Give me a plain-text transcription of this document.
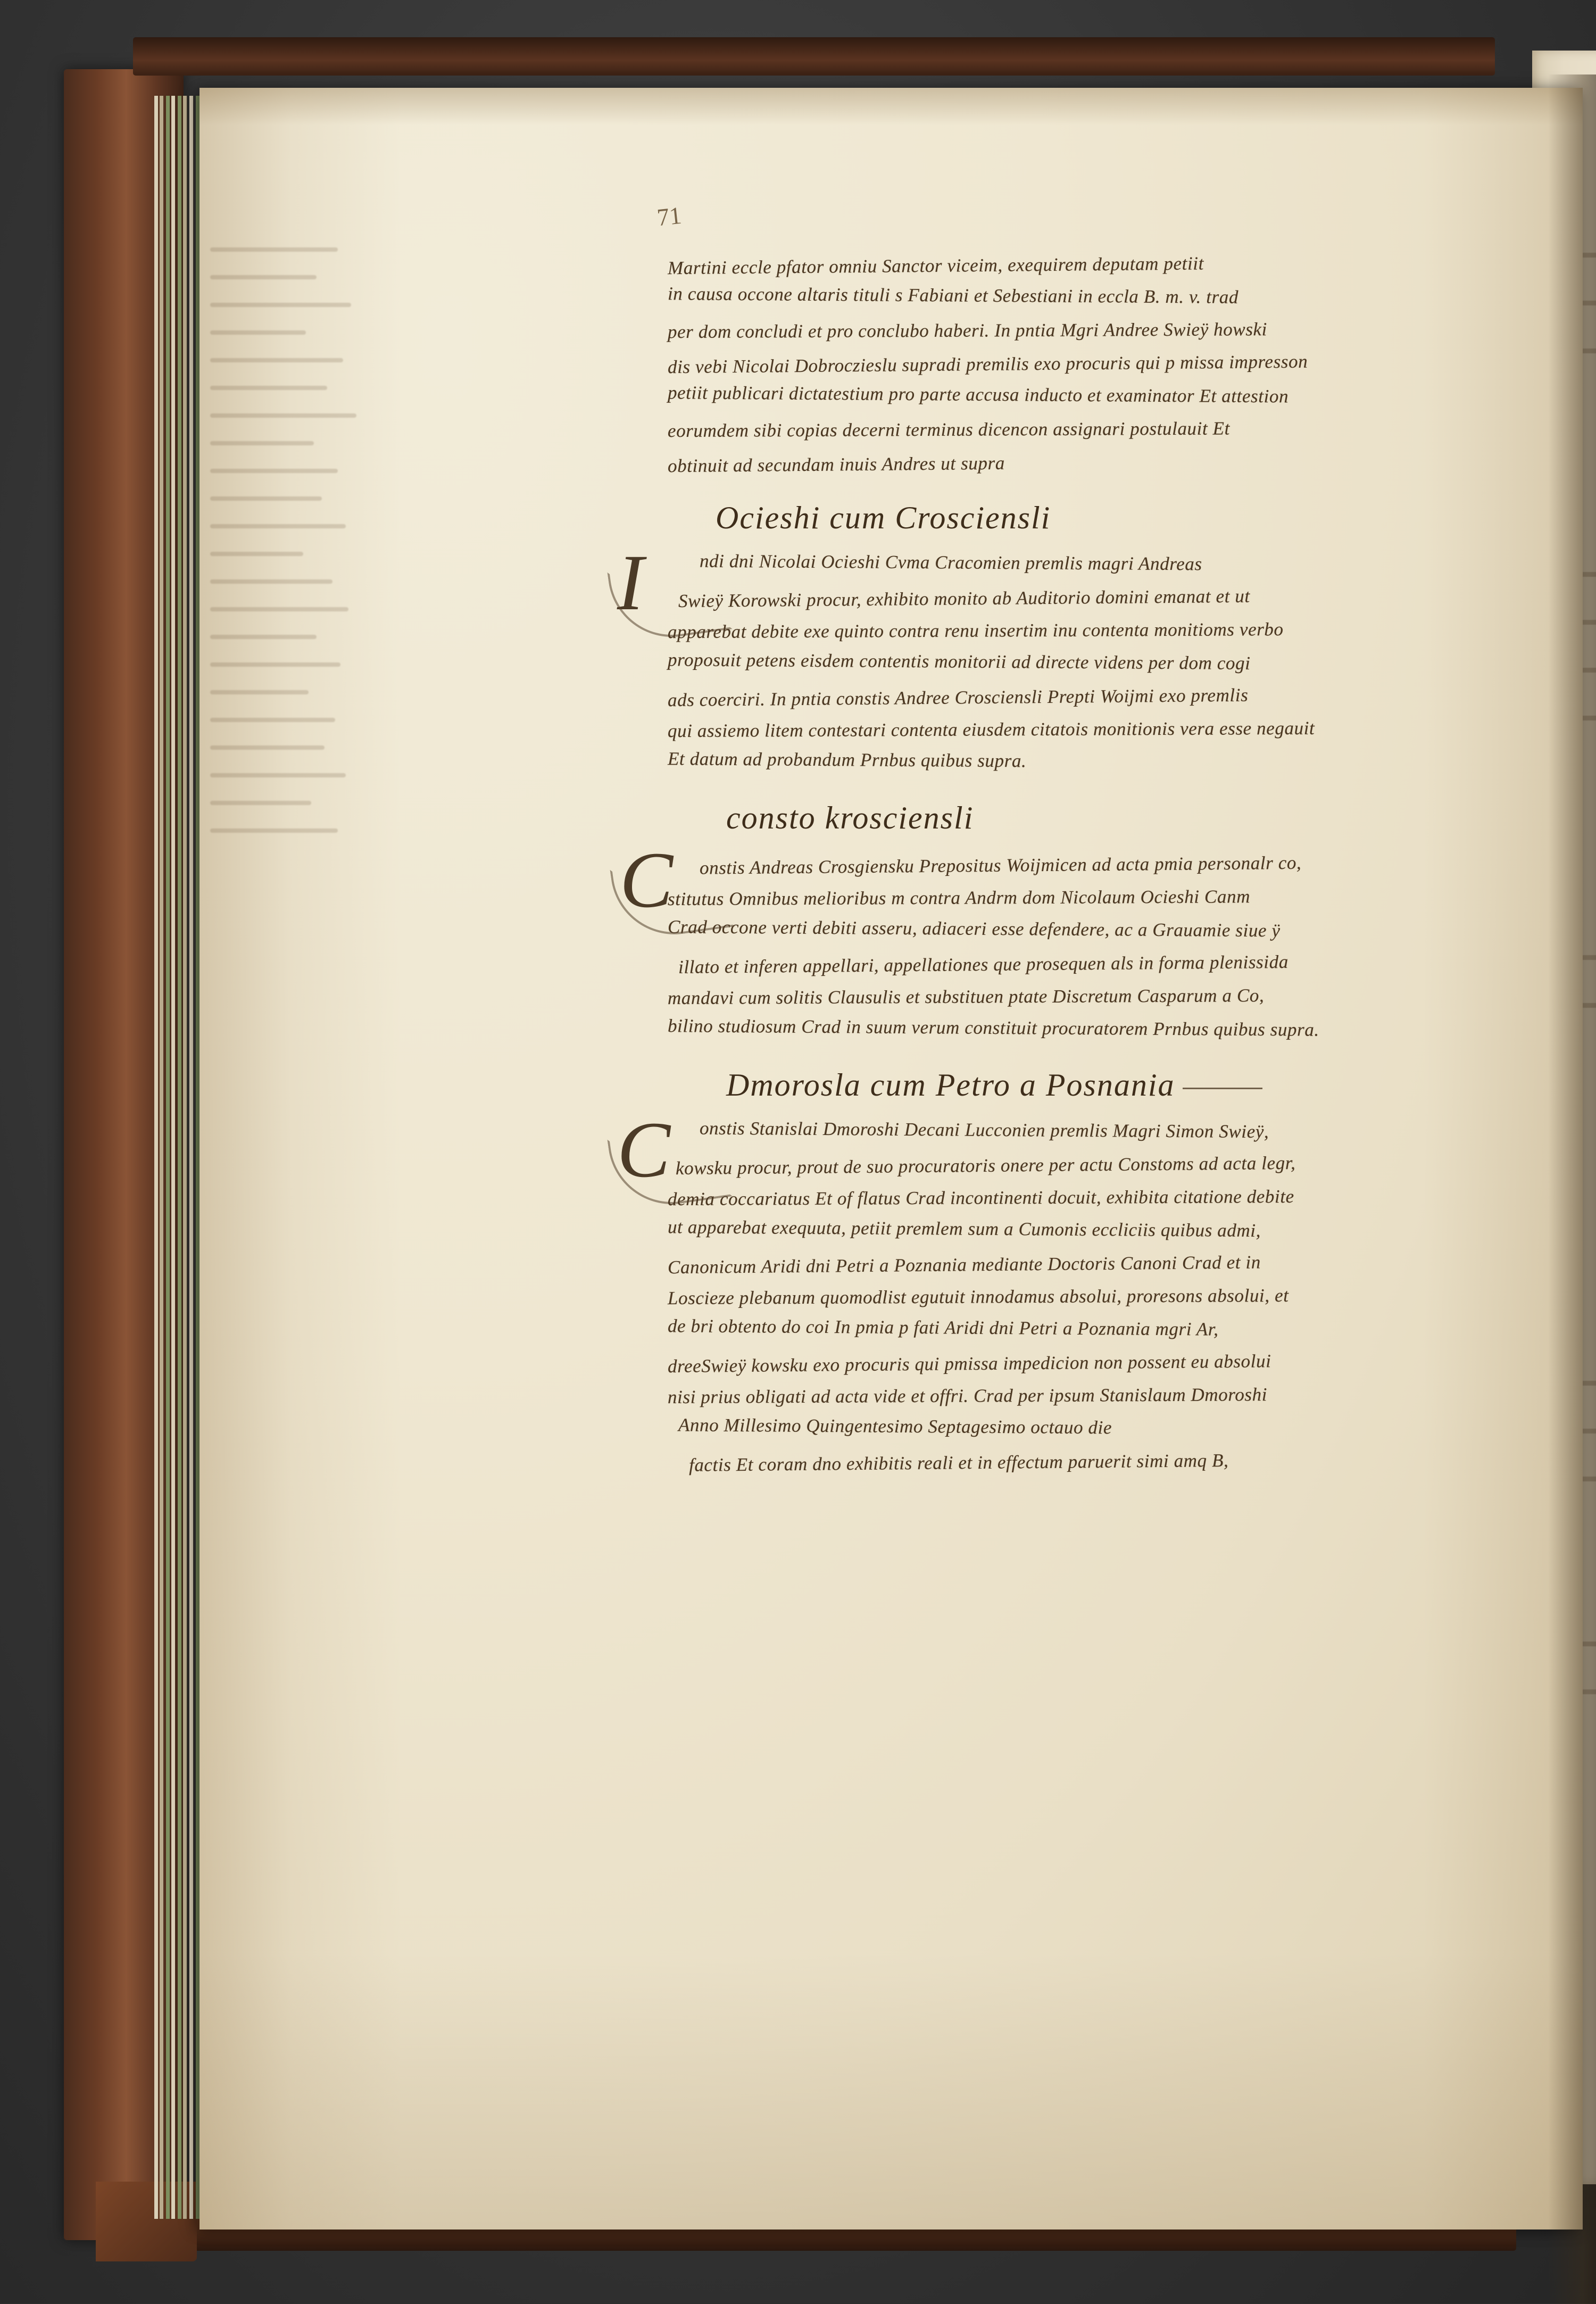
71
Martini eccle pfator omniu Sanctor viceim, exequirem deputam petiit
in causa occone altaris tituli s Fabiani et Sebestiani in eccla B. m. v. trad
per dom concludi et pro conclubo haberi. In pntia Mgri Andree Swieÿ howski
dis vebi Nicolai Dobroczieslu supradi premilis exo procuris qui p missa impresson
petiit publicari dictatestium pro parte accusa inducto et examinator Et attestion
eorumdem sibi copias decerni terminus dicencon assignari postulauit Et
obtinuit ad secundam inuis Andres ut supra
Ocieshi cum Crosciensli
I	ndi dni Nicolai Ocieshi Cvma Cracomien premlis magri Andreas
Swieÿ Korowski procur, exhibito monito ab Auditorio domini emanat et ut
apparebat debite exe quinto contra renu insertim inu contenta monitioms verbo
proposuit petens eisdem contentis monitorii ad directe videns per dom cogi
ads coerciri. In pntia constis Andree Crosciensli Prepti Woijmi exo premlis
qui assiemo litem contestari contenta eiusdem citatois monitionis vera esse negauit
Et datum ad probandum Prnbus quibus supra.
consto krosciensli
C	onstis Andreas Crosgiensku Prepositus Woijmicen ad acta pmia personalr co,
stitutus Omnibus melioribus m contra Andrm dom Nicolaum Ocieshi Canm
Crad occone verti debiti asseru, adiaceri esse defendere, ac a Grauamie siue ÿ
illato et inferen appellari, appellationes que prosequen als in forma plenissida
mandavi cum solitis Clausulis et substituen ptate Discretum Casparum a Co,
bilino studiosum Crad in suum verum constituit procuratorem Prnbus quibus supra.
Dmorosla cum Petro a Posnania
C	onstis Stanislai Dmoroshi Decani Lucconien premlis Magri Simon Swieÿ,
kowsku procur, prout de suo procuratoris onere per actu Constoms ad acta legr,
demia coccariatus Et of flatus Crad incontinenti docuit, exhibita citatione debite
ut apparebat exequuta, petiit premlem sum a Cumonis eccliciis quibus admi,
Canonicum Aridi dni Petri a Poznania mediante Doctoris Canoni Crad et in
Loscieze plebanum quomodlist egutuit innodamus absolui, proresons absolui, et
de bri obtento do coi In pmia p fati Aridi dni Petri a Poznania mgri Ar,
dreeSwieÿ kowsku exo procuris qui pmissa impedicion non possent eu absolui
nisi prius obligati ad acta vide et offri. Crad per ipsum Stanislaum Dmoroshi
Anno Millesimo Quingentesimo Septagesimo octauo die
factis Et coram dno exhibitis reali et in effectum paruerit simi amq B,
